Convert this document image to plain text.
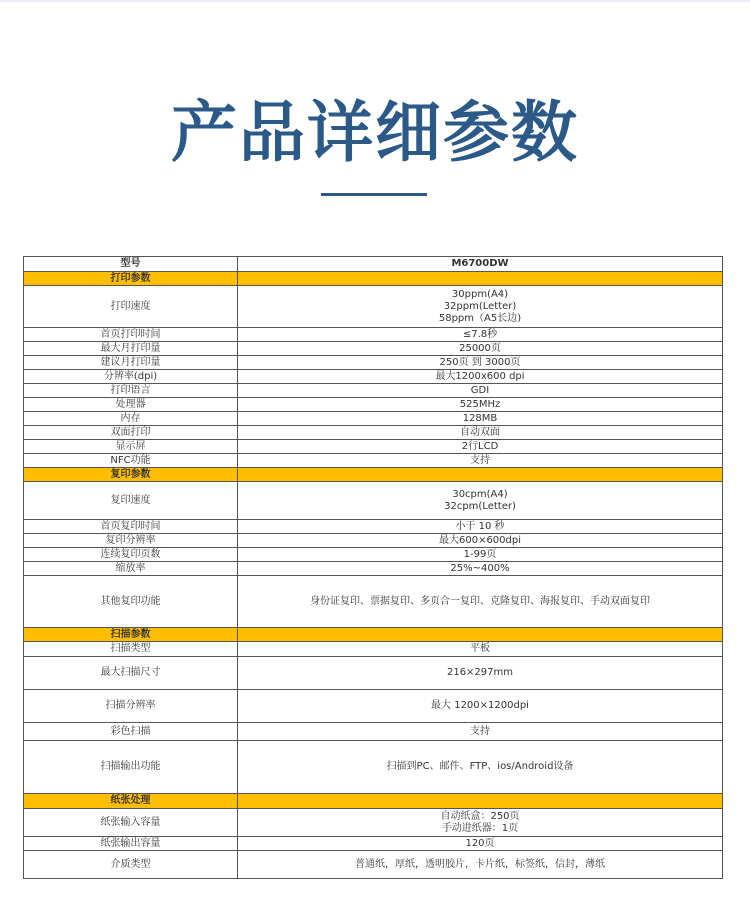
产品详细参数
型号	M6700DW
打印参数	
打印速度	30ppm(A4)
32ppm(Letter)
58ppm（A5长边)

首页打印时间	≤7.8秒
最大月打印量	25000页
建议月打印量	250页 到 3000页
分辨率(dpi)	最大1200x600 dpi
打印语言	GDI
处理器	525MHz
内存	128MB
双面打印	自动双面
显示屏	2行LCD
NFC功能	支持
复印参数	
复印速度	30cpm(A4)
32cpm(Letter)

首页复印时间	小于 10 秒
复印分辨率	最大600×600dpi
连续复印页数	1-99页
缩放率	25%~400%
其他复印功能	身份证复印、票据复印、多页合一复印、克隆复印、海报复印、手动双面复印
扫描参数	
扫描类型	平板
最大扫描尺寸	216×297mm
扫描分辨率	最大 1200×1200dpi
彩色扫描	支持
扫描输出功能	扫描到PC、邮件、FTP、ios/Android设备
纸张处理	
纸张输入容量	自动纸盒：250页
手动进纸器：1页

纸张输出容量	120页
介质类型	普通纸，厚纸，透明胶片，卡片纸，标签纸，信封，薄纸
